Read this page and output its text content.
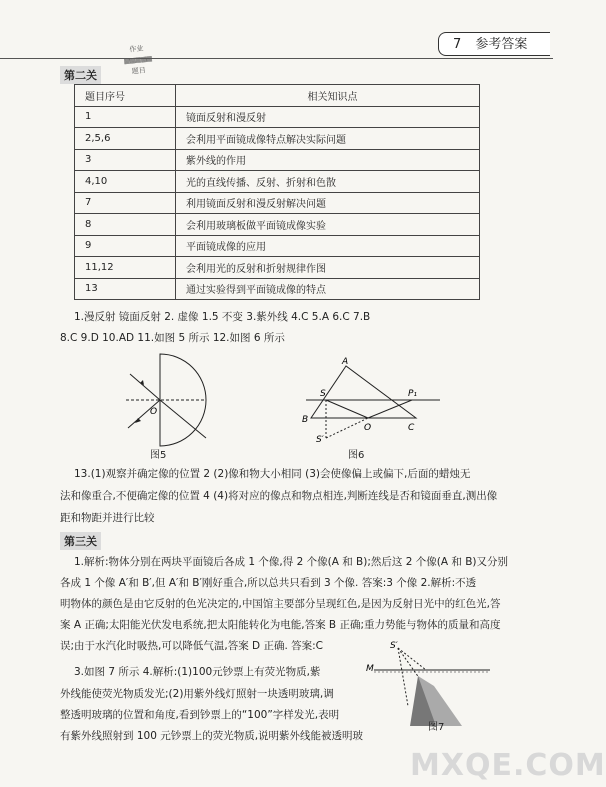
7 参考答案
作业
▦▦▦▦▦
题目
第二关
题目序号	相关知识点
1	镜面反射和漫反射
2,5,6	会利用平面镜成像特点解决实际问题
3	紫外线的作用
4,10	光的直线传播、反射、折射和色散
7	利用镜面反射和漫反射解决问题
8	会利用玻璃板做平面镜成像实验
9	平面镜成像的应用
11,12	会利用光的反射和折射规律作图
13	通过实验得到平面镜成像的特点
1.漫反射 镜面反射 2. 虚像 1.5 不变 3.紫外线 4.C 5.A 6.C 7.B
8.C 9.D 10.AD 11.如图 5 所示 12.如图 6 所示
O
图5
A
B
C
S
S′
O
P₁
图6
13.(1)观察并确定像的位置 2 (2)像和物大小相同 (3)会使像偏上或偏下,后面的蜡烛无
法和像重合,不便确定像的位置 4 (4)将对应的像点和物点相连,判断连线是否和镜面垂直,测出像
距和物距并进行比较
第三关
1.解析:物体分别在两块平面镜后各成 1 个像,得 2 个像(A 和 B);然后这 2 个像(A 和 B)又分别
各成 1 个像 A′和 B′,但 A′和 B′刚好重合,所以总共只看到 3 个像. 答案:3 个像 2.解析:不透
明物体的颜色是由它反射的色光决定的,中国馆主要部分呈现红色,是因为反射日光中的红色光,答
案 A 正确;太阳能光伏发电系统,把太阳能转化为电能,答案 B 正确;重力势能与物体的质量和高度
误;由于水汽化时吸热,可以降低气温,答案 D 正确. 答案:C
3.如图 7 所示 4.解析:(1)100元钞票上有荧光物质,紫
外线能使荧光物质发光;(2)用紫外线灯照射一块透明玻璃,调
整透明玻璃的位置和角度,看到钞票上的“100”字样发光,表明
有紫外线照射到 100 元钞票上的荧光物质,说明紫外线能被透明玻
S′
M
图7
MXQE.COM
